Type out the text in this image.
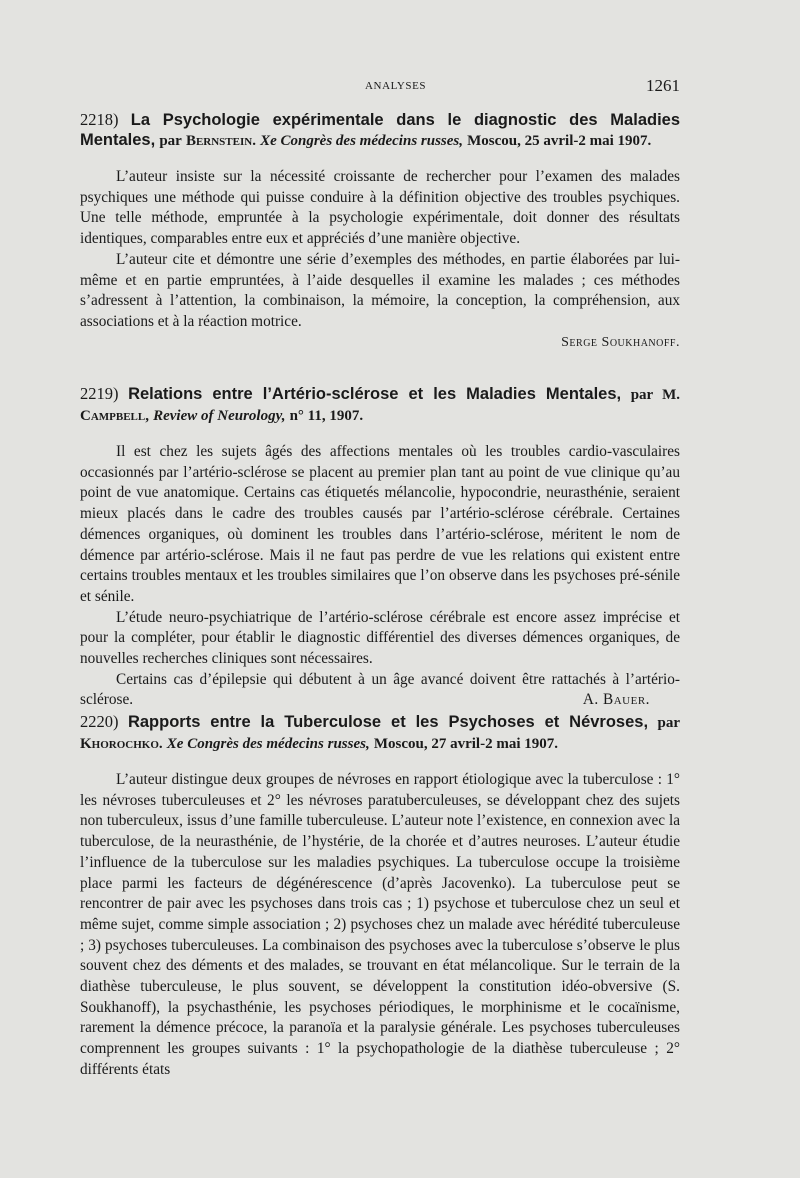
ANALYSES	1261
2218) La Psychologie expérimentale dans le diagnostic des Maladies Mentales, par Bernstein. Xe Congrès des médecins russes, Moscou, 25 avril-2 mai 1907.

L’auteur insiste sur la nécessité croissante de rechercher pour l’examen des malades psychiques une méthode qui puisse conduire à la définition objective des troubles psychiques. Une telle méthode, empruntée à la psychologie expérimentale, doit donner des résultats identiques, comparables entre eux et appréciés d’une manière objective.

L’auteur cite et démontre une série d’exemples des méthodes, en partie élaborées par lui-même et en partie empruntées, à l’aide desquelles il examine les malades ; ces méthodes s’adressent à l’attention, la combinaison, la mémoire, la conception, la compréhension, aux associations et à la réaction motrice.

Serge Soukhanoff.

2219) Relations entre l’Artério-sclérose et les Maladies Mentales, par M. Campbell, Review of Neurology, n° 11, 1907.

Il est chez les sujets âgés des affections mentales où les troubles cardio-vasculaires occasionnés par l’artério-sclérose se placent au premier plan tant au point de vue clinique qu’au point de vue anatomique. Certains cas étiquetés mélancolie, hypocondrie, neurasthénie, seraient mieux placés dans le cadre des troubles causés par l’artério-sclérose cérébrale. Certaines démences organiques, où dominent les troubles dans l’artério-sclérose, méritent le nom de démence par artério-sclérose. Mais il ne faut pas perdre de vue les relations qui existent entre certains troubles mentaux et les troubles similaires que l’on observe dans les psychoses pré-sénile et sénile.

L’étude neuro-psychiatrique de l’artério-sclérose cérébrale est encore assez imprécise et pour la compléter, pour établir le diagnostic différentiel des diverses démences organiques, de nouvelles recherches cliniques sont nécessaires.

Certains cas d’épilepsie qui débutent à un âge avancé doivent être rattachés à l’artério-sclérose.	A. Bauer.

2220) Rapports entre la Tuberculose et les Psychoses et Névroses, par Khorochko. Xe Congrès des médecins russes, Moscou, 27 avril-2 mai 1907.

L’auteur distingue deux groupes de névroses en rapport étiologique avec la tuberculose : 1° les névroses tuberculeuses et 2° les névroses paratuberculeuses, se développant chez des sujets non tuberculeux, issus d’une famille tuberculeuse. L’auteur note l’existence, en connexion avec la tuberculose, de la neurasthénie, de l’hystérie, de la chorée et d’autres neuroses. L’auteur étudie l’influence de la tuberculose sur les maladies psychiques. La tuberculose occupe la troisième place parmi les facteurs de dégénérescence (d’après Jacovenko). La tuberculose peut se rencontrer de pair avec les psychoses dans trois cas ; 1) psychose et tuberculose chez un seul et même sujet, comme simple association ; 2) psychoses chez un malade avec hérédité tuberculeuse ; 3) psychoses tuberculeuses. La combinaison des psychoses avec la tuberculose s’observe le plus souvent chez des déments et des malades, se trouvant en état mélancolique. Sur le terrain de la diathèse tuberculeuse, le plus souvent, se développent la constitution idéo-obversive (S. Soukhanoff), la psychasthénie, les psychoses périodiques, le morphinisme et le cocaïnisme, rarement la démence précoce, la paranoïa et la paralysie générale. Les psychoses tuberculeuses comprennent les groupes suivants : 1° la psychopathologie de la diathèse tuberculeuse ; 2° différents états
